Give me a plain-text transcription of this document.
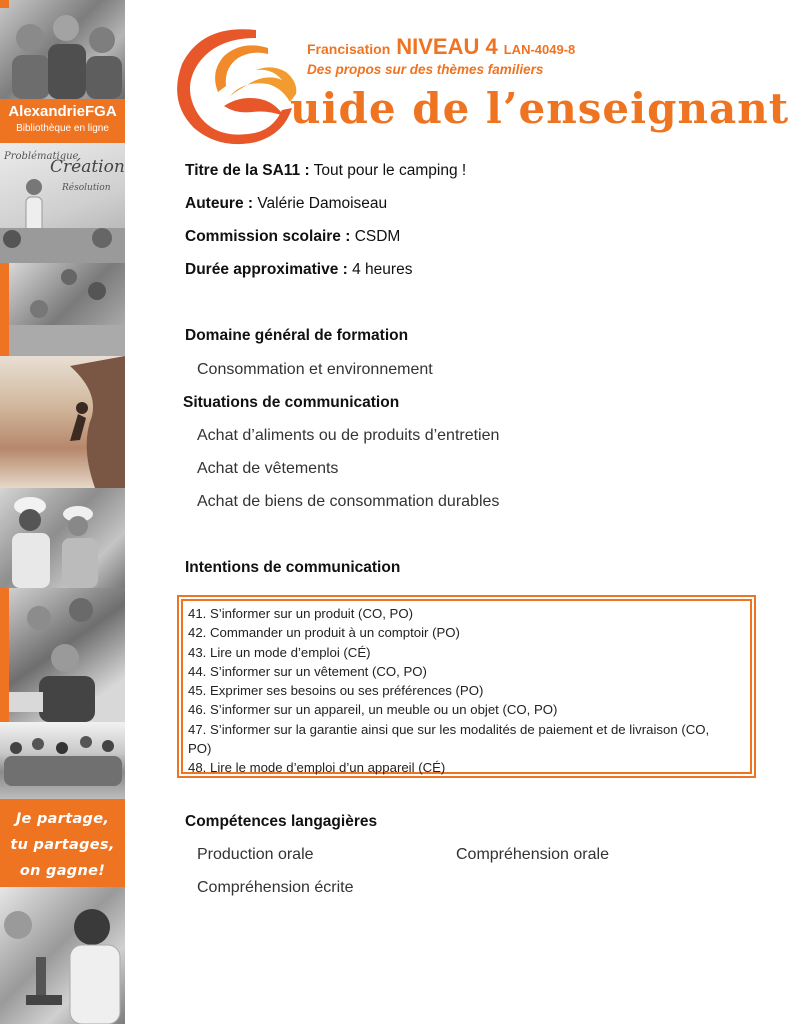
AlexandrieFGA
Bibliothèque en ligne
Problématique
Création
Résolution
Je partage,
tu partages,
on gagne!
Francisation NIVEAU 4 LAN-4049-8
Des propos sur des thèmes familiers
uide de l’enseignant
Titre de la SA11 : Tout pour le camping !
Auteure : Valérie Damoiseau
Commission scolaire : CSDM
Durée approximative : 4 heures
Domaine général de formation
Consommation et environnement
Situations de communication
Achat d’aliments ou de produits d’entretien
Achat de vêtements
Achat de biens de consommation durables
Intentions de communication
41. S’informer sur un produit (CO, PO)
42. Commander un produit à un comptoir (PO)
43. Lire un mode d’emploi (CÉ)
44. S’informer sur un vêtement (CO, PO)
45. Exprimer ses besoins ou ses préférences (PO)
46. S’informer sur un appareil, un meuble ou un objet (CO, PO)
47. S’informer sur la garantie ainsi que sur les modalités de paiement et de livraison (CO,
PO)
48. Lire le mode d’emploi d’un appareil (CÉ)
Compétences langagières
Production orale	Compréhension orale
Compréhension écrite
